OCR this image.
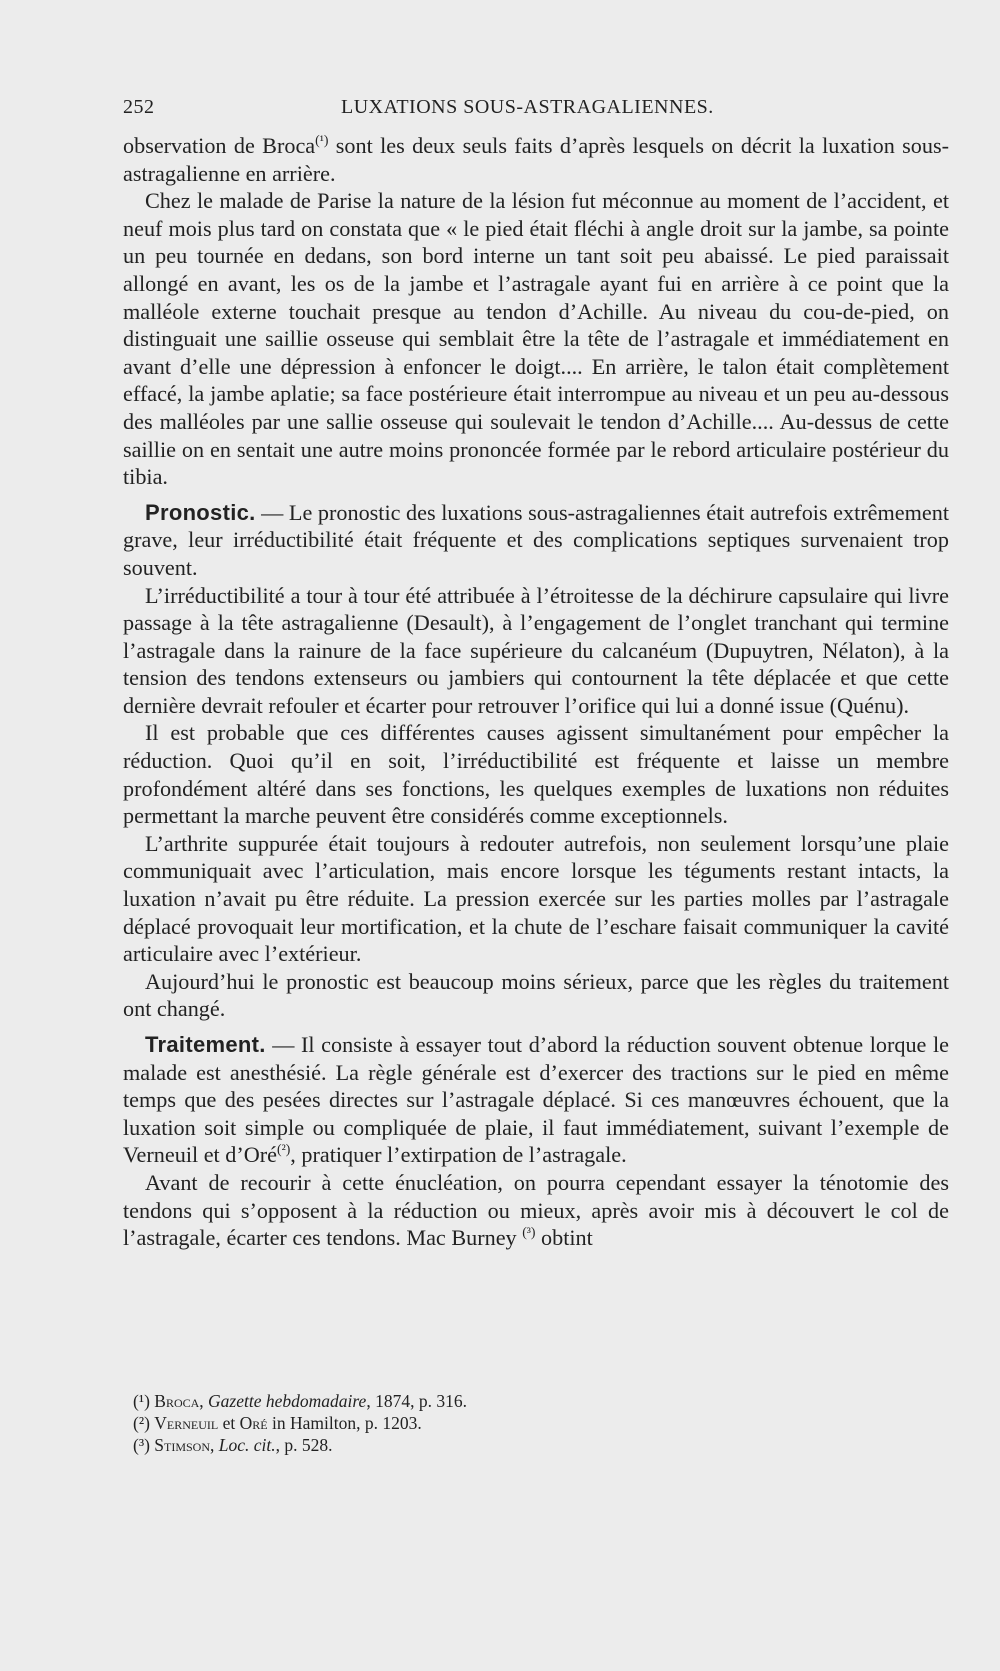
252	LUXATIONS SOUS-ASTRAGALIENNES.

observation de Broca$^{(^1)}$ sont les deux seuls faits d’après lesquels on décrit la luxation sous-astragalienne en arrière.

Chez le malade de Parise la nature de la lésion fut méconnue au moment de l’accident, et neuf mois plus tard on constata que « le pied était fléchi à angle droit sur la jambe, sa pointe un peu tournée en dedans, son bord interne un tant soit peu abaissé. Le pied paraissait allongé en avant, les os de la jambe et l’astragale ayant fui en arrière à ce point que la malléole externe touchait presque au tendon d’Achille. Au niveau du cou-de-pied, on distinguait une saillie osseuse qui semblait être la tête de l’astragale et immédiatement en avant d’elle une dépression à enfoncer le doigt.... En arrière, le talon était complètement effacé, la jambe aplatie; sa face postérieure était interrompue au niveau et un peu au-dessous des malléoles par une sallie osseuse qui soulevait le tendon d’Achille.... Au-dessus de cette saillie on en sentait une autre moins prononcée formée par le rebord articulaire postérieur du tibia.

Pronostic. — Le pronostic des luxations sous-astragaliennes était autrefois extrêmement grave, leur irréductibilité était fréquente et des complications septiques survenaient trop souvent.

L’irréductibilité a tour à tour été attribuée à l’étroitesse de la déchirure capsulaire qui livre passage à la tête astragalienne (Desault), à l’engagement de l’onglet tranchant qui termine l’astragale dans la rainure de la face supérieure du calcanéum (Dupuytren, Nélaton), à la tension des tendons extenseurs ou jambiers qui contournent la tête déplacée et que cette dernière devrait refouler et écarter pour retrouver l’orifice qui lui a donné issue (Quénu).

Il est probable que ces différentes causes agissent simultanément pour empêcher la réduction. Quoi qu’il en soit, l’irréductibilité est fréquente et laisse un membre profondément altéré dans ses fonctions, les quelques exemples de luxations non réduites permettant la marche peuvent être considérés comme exceptionnels.

L’arthrite suppurée était toujours à redouter autrefois, non seulement lorsqu’une plaie communiquait avec l’articulation, mais encore lorsque les téguments restant intacts, la luxation n’avait pu être réduite. La pression exercée sur les parties molles par l’astragale déplacé provoquait leur mortification, et la chute de l’eschare faisait communiquer la cavité articulaire avec l’extérieur.

Aujourd’hui le pronostic est beaucoup moins sérieux, parce que les règles du traitement ont changé.

Traitement. — Il consiste à essayer tout d’abord la réduction souvent obtenue lorque le malade est anesthésié. La règle générale est d’exercer des tractions sur le pied en même temps que des pesées directes sur l’astragale déplacé. Si ces manœuvres échouent, que la luxation soit simple ou compliquée de plaie, il faut immédiatement, suivant l’exemple de Verneuil et d’Oré$^{(^2)}$, pratiquer l’extirpation de l’astragale.

Avant de recourir à cette énucléation, on pourra cependant essayer la ténotomie des tendons qui s’opposent à la réduction ou mieux, après avoir mis à découvert le col de l’astragale, écarter ces tendons. Mac Burney $^{(^3)}$ obtint

(¹) Broca, Gazette hebdomadaire, 1874, p. 316.
(²) Verneuil et Oré in Hamilton, p. 1203.
(³) Stimson, Loc. cit., p. 528.
